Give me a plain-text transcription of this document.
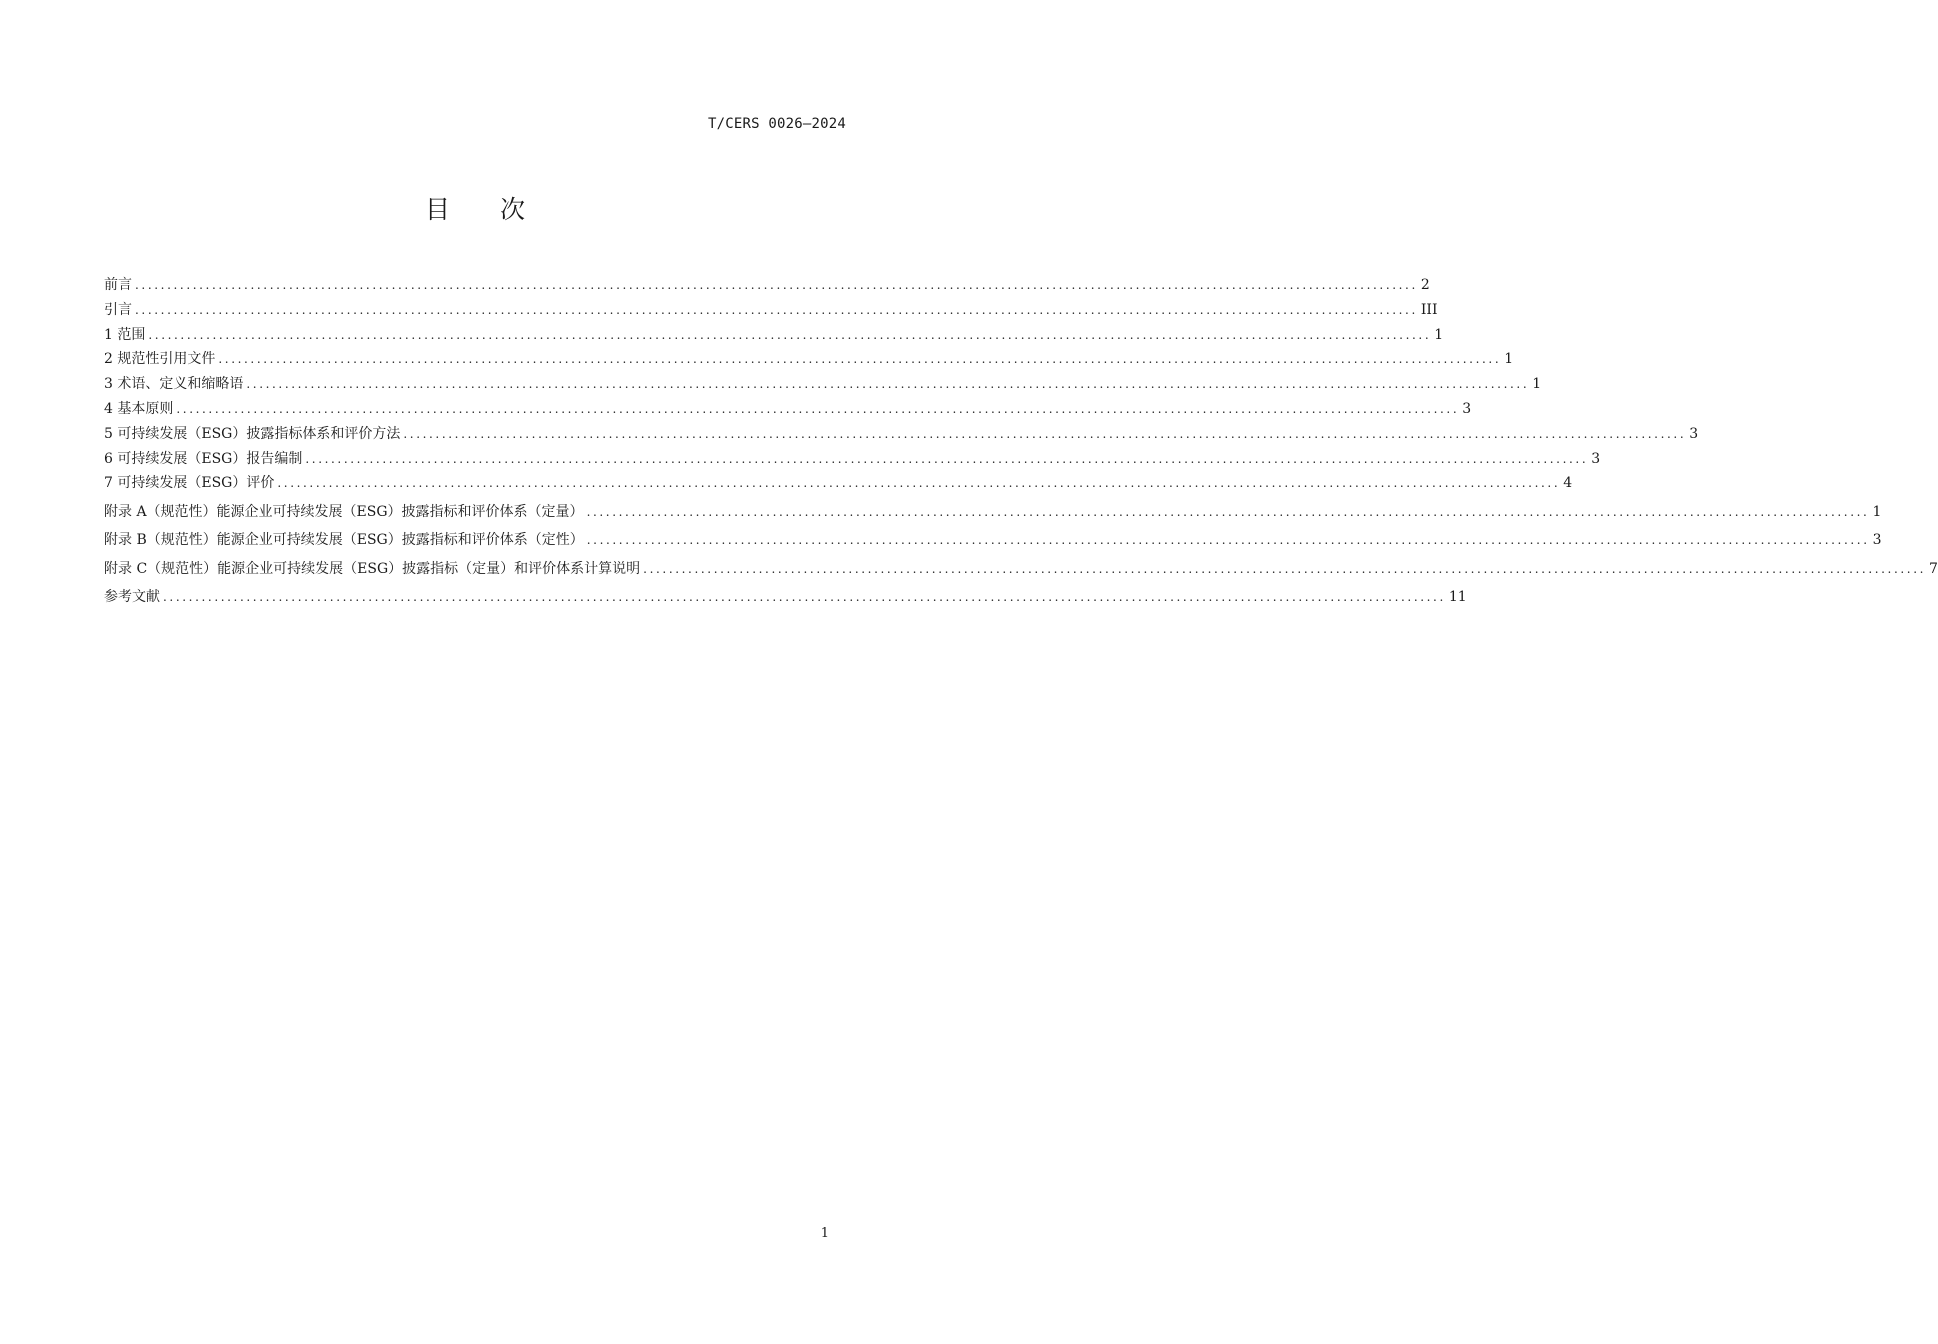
T/CERS 0026—2024
目次
前言 ........................................................................................................................................................................................................ 2
引言 ........................................................................................................................................................................................................ III
1 范围 ........................................................................................................................................................................................................ 1
2 规范性引用文件 ........................................................................................................................................................................................................ 1
3 术语、定义和缩略语 ........................................................................................................................................................................................................ 1
4 基本原则 ........................................................................................................................................................................................................ 3
5 可持续发展（ESG）披露指标体系和评价方法 ........................................................................................................................................................................................................ 3
6 可持续发展（ESG）报告编制 ........................................................................................................................................................................................................ 3
7 可持续发展（ESG）评价 ........................................................................................................................................................................................................ 4
附录 A（规范性）能源企业可持续发展（ESG）披露指标和评价体系（定量） ........................................................................................................................................................................................................ 1
附录 B（规范性）能源企业可持续发展（ESG）披露指标和评价体系（定性） ........................................................................................................................................................................................................ 3
附录 C（规范性）能源企业可持续发展（ESG）披露指标（定量）和评价体系计算说明 ........................................................................................................................................................................................................ 7
参考文献 ........................................................................................................................................................................................................ 11
1
